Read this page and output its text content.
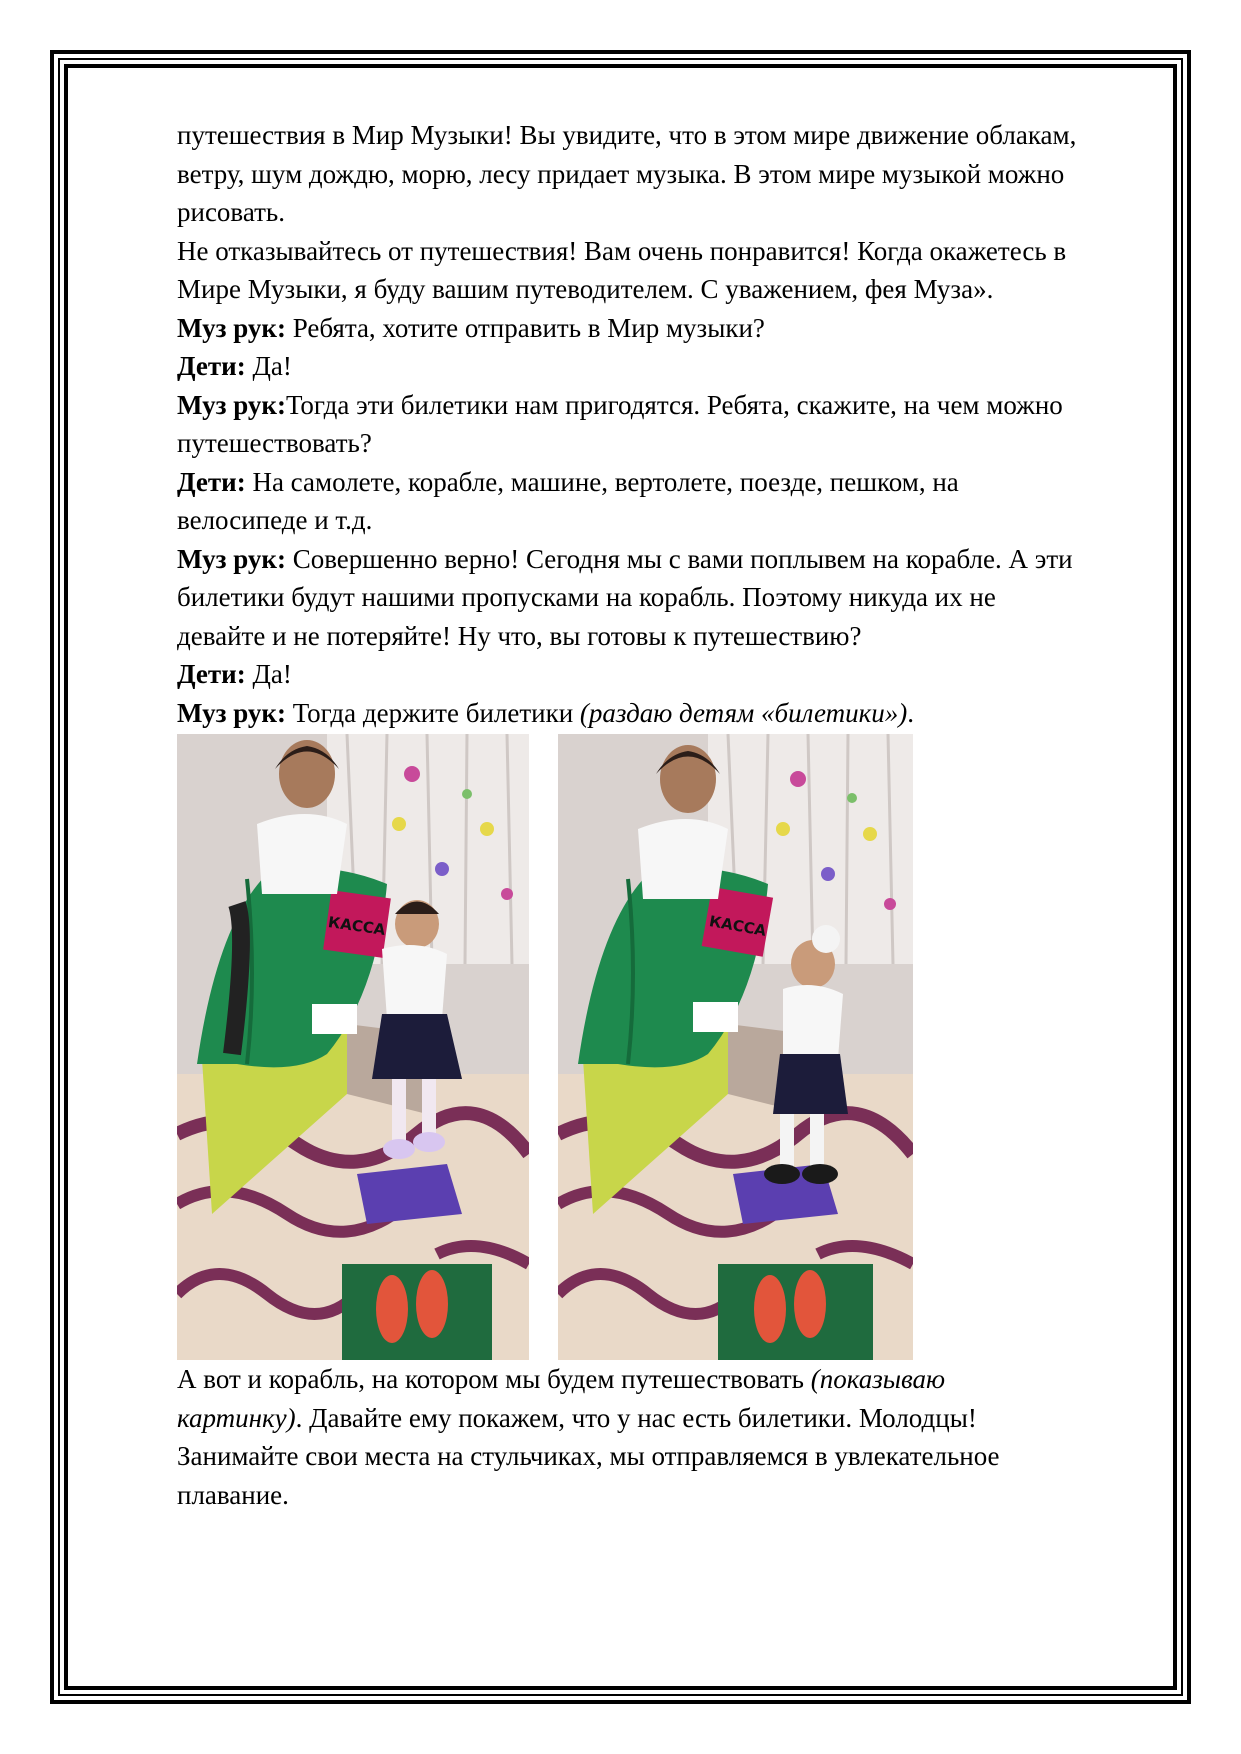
путешествия в Мир Музыки! Вы увидите, что в этом мире движение облакам,
ветру, шум дождю, морю, лесу придает музыка. В этом мире музыкой можно
рисовать.

Не отказывайтесь от путешествия! Вам очень понравится! Когда окажетесь в
Мире Музыки, я буду вашим путеводителем. С уважением, фея Муза».

Муз рук: Ребята, хотите отправить в Мир музыки?

Дети: Да!

Муз рук:Тогда эти билетики нам пригодятся. Ребята, скажите, на чем можно
путешествовать?

Дети: На самолете, корабле, машине, вертолете, поезде, пешком, на
велосипеде и т.д.

Муз рук: Совершенно верно! Сегодня мы с вами поплывем на корабле. А эти
билетики будут нашими пропусками на корабль. Поэтому никуда их не
девайте и не потеряйте! Ну что, вы готовы к путешествию?

Дети: Да!

Муз рук: Тогда держите билетики (раздаю детям «билетики»).

КАССА	КАССА

А вот и корабль, на котором мы будем путешествовать (показываю
картинку). Давайте ему покажем, что у нас есть билетики. Молодцы!
Занимайте свои места на стульчиках, мы отправляемся в увлекательное
плавание.
